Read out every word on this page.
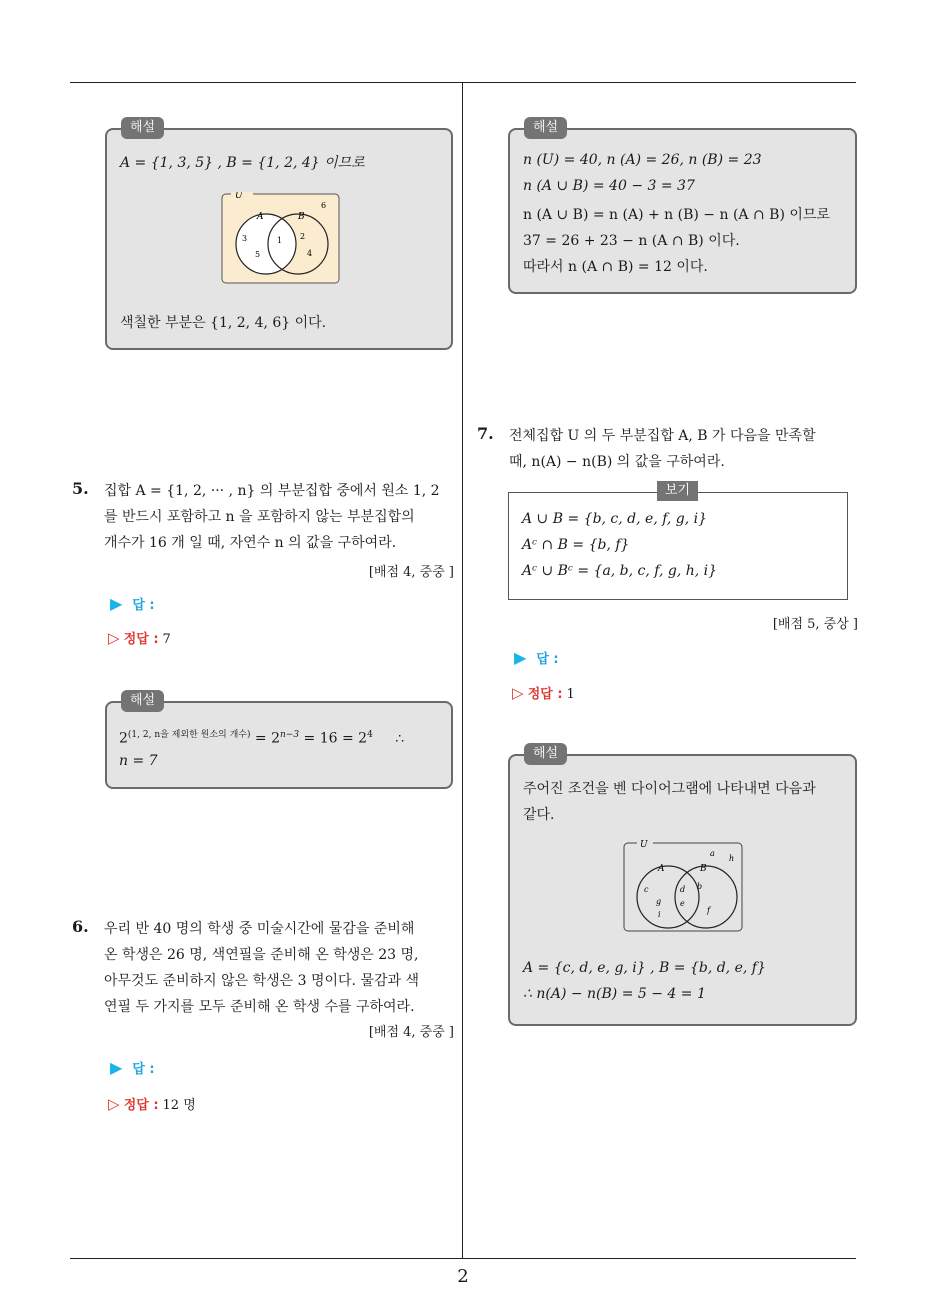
해설
A = {1, 3, 5} , B = {1, 2, 4} 이므로
U
A	B
3
5
1 2
4
6
색칠한 부분은 {1, 2, 4, 6} 이다.
5. 집합 A = {1, 2, ··· , n} 의 부분집합 중에서 원소 1, 2
를 반드시 포함하고 n 을 포함하지 않는 부분집합의
개수가 16 개 일 때, 자연수 n 의 값을 구하여라.
[배점 4, 중중 ]
▶ 답 :
▷ 정답 : 7
해설
$2^{(1, 2, n을 제외한 원소의 개수)} = 2^{n-3} = 16 = 2^4$ ∴
n = 7
6. 우리 반 40 명의 학생 중 미술시간에 물감을 준비해
온 학생은 26 명, 색연필을 준비해 온 학생은 23 명,
아무것도 준비하지 않은 학생은 3 명이다. 물감과 색
연필 두 가지를 모두 준비해 온 학생 수를 구하여라.
[배점 4, 중중 ]
▶ 답 :
▷ 정답 : 12 명
해설
n (U) = 40, n (A) = 26, n (B) = 23
n (A ∪ B) = 40 − 3 = 37
n (A ∪ B) = n (A) + n (B) − n (A ∩ B) 이므로
37 = 26 + 23 − n (A ∩ B) 이다.
따라서 n (A ∩ B) = 12 이다.
7. 전체집합 U 의 두 부분집합 A, B 가 다음을 만족할
때, n(A) − n(B) 의 값을 구하여라.
보기
A ∪ B = {b, c, d, e, f, g, i}
Aᶜ ∩ B = {b, f}
Aᶜ ∪ Bᶜ = {a, b, c, f, g, h, i}
[배점 5, 중상 ]
▶ 답 :
▷ 정답 : 1
해설
주어진 조건을 벤 다이어그램에 나타내면 다음과
같다.
U
A	B
a
h
c
g
i
d
e
b
f
A = {c, d, e, g, i} , B = {b, d, e, f}
∴ n(A) − n(B) = 5 − 4 = 1
2
